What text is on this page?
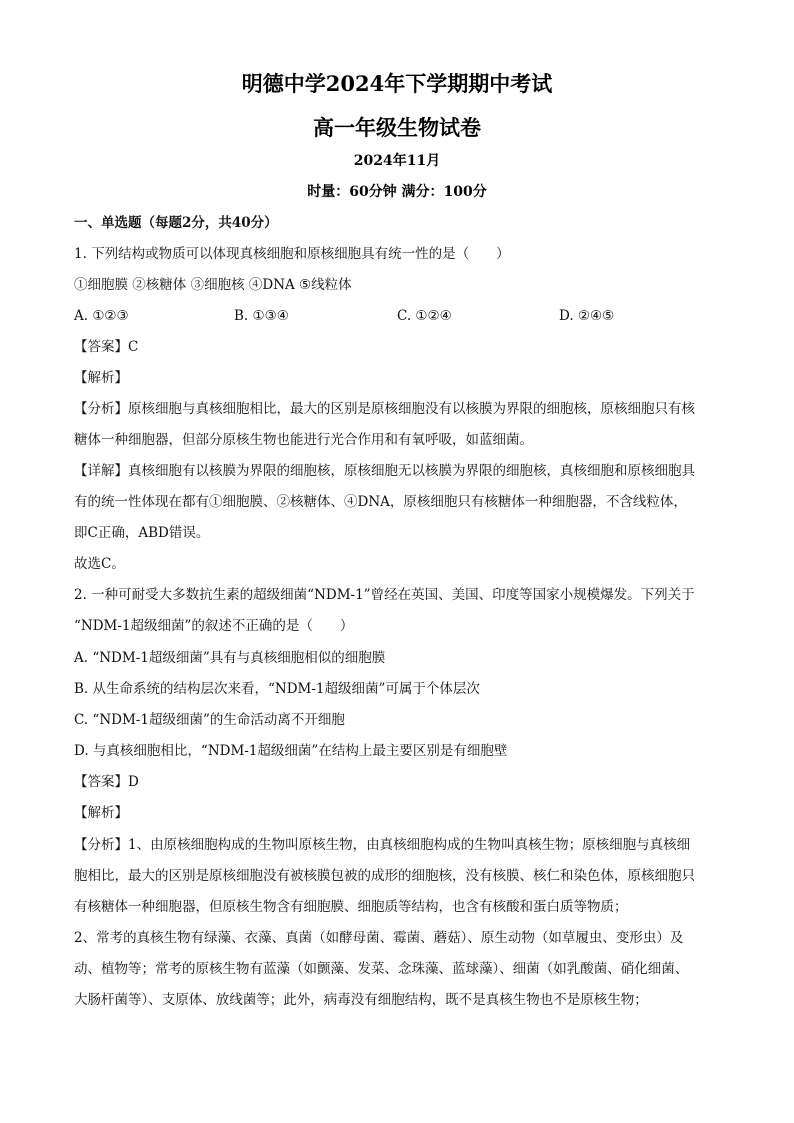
明德中学2024年下学期期中考试
高一年级生物试卷
2024年11月
时量：60分钟 满分：100分
一、单选题（每题2分，共40分）
1. 下列结构或物质可以体现真核细胞和原核细胞具有统一性的是（　　）
①细胞膜 ②核糖体 ③细胞核 ④DNA ⑤线粒体
A. ①②③	B. ①③④	C. ①②④	D. ②④⑤
【答案】C
【解析】
【分析】原核细胞与真核细胞相比，最大的区别是原核细胞没有以核膜为界限的细胞核，原核细胞只有核
糖体一种细胞器，但部分原核生物也能进行光合作用和有氧呼吸，如蓝细菌。
【详解】真核细胞有以核膜为界限的细胞核，原核细胞无以核膜为界限的细胞核，真核细胞和原核细胞具
有的统一性体现在都有①细胞膜、②核糖体、④DNA，原核细胞只有核糖体一种细胞器，不含线粒体，
即C正确，ABD错误。
故选C。
2. 一种可耐受大多数抗生素的超级细菌“NDM-1”曾经在英国、美国、印度等国家小规模爆发。下列关于
“NDM-1超级细菌”的叙述不正确的是（　　）
A. “NDM-1超级细菌”具有与真核细胞相似的细胞膜
B. 从生命系统的结构层次来看，“NDM-1超级细菌”可属于个体层次
C. “NDM-1超级细菌”的生命活动离不开细胞
D. 与真核细胞相比，“NDM-1超级细菌”在结构上最主要区别是有细胞壁
【答案】D
【解析】
【分析】1、由原核细胞构成的生物叫原核生物，由真核细胞构成的生物叫真核生物；原核细胞与真核细
胞相比，最大的区别是原核细胞没有被核膜包被的成形的细胞核，没有核膜、核仁和染色体，原核细胞只
有核糖体一种细胞器，但原核生物含有细胞膜、细胞质等结构，也含有核酸和蛋白质等物质；
2、常考的真核生物有绿藻、衣藻、真菌（如酵母菌、霉菌、蘑菇）、原生动物（如草履虫、变形虫）及
动、植物等；常考的原核生物有蓝藻（如颤藻、发菜、念珠藻、蓝球藻）、细菌（如乳酸菌、硝化细菌、
大肠杆菌等）、支原体、放线菌等；此外，病毒没有细胞结构，既不是真核生物也不是原核生物；
